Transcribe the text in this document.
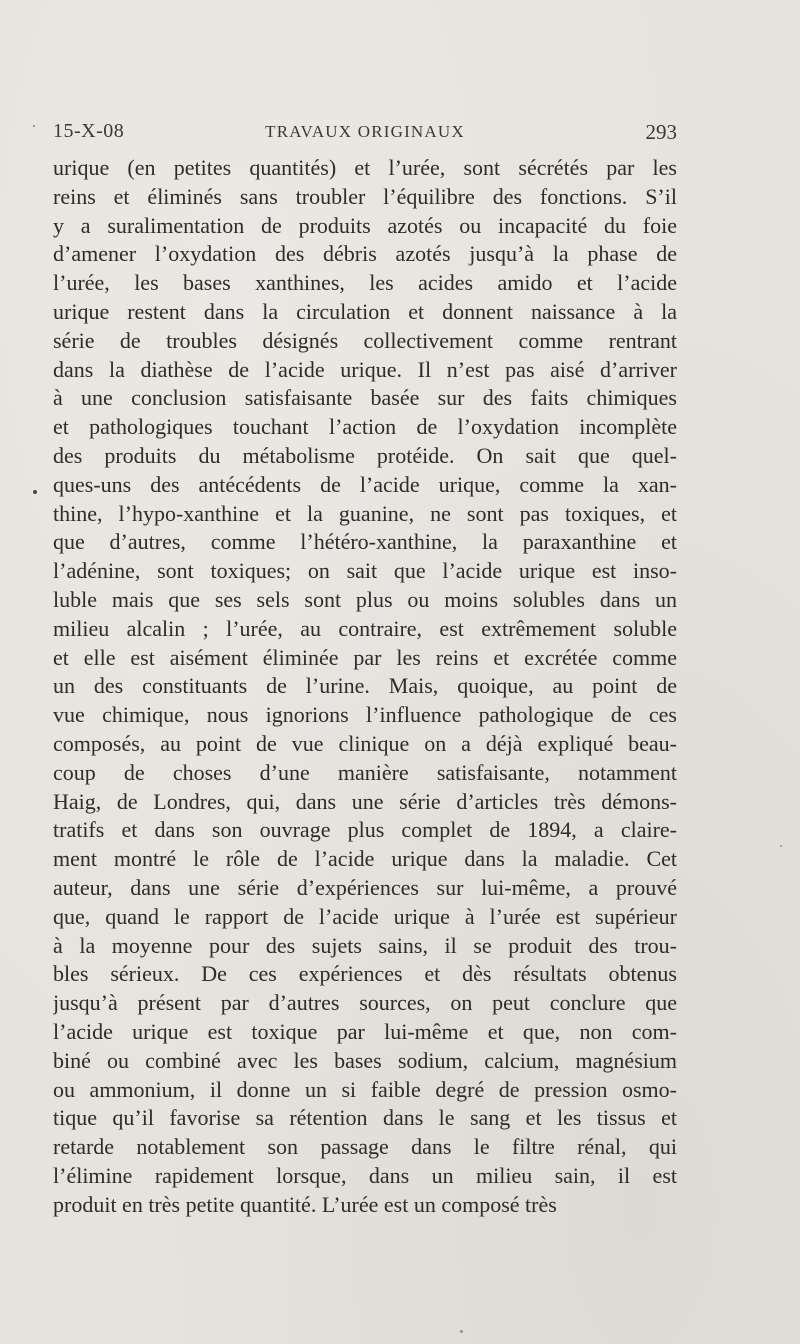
15-X-08	TRAVAUX ORIGINAUX	293
urique (en petites quantités) et l’urée, sont sécrétés par les
reins et éliminés sans troubler l’équilibre des fonctions. S’il
y a suralimentation de produits azotés ou incapacité du foie
d’amener l’oxydation des débris azotés jusqu’à la phase de
l’urée, les bases xanthines, les acides amido et l’acide
urique restent dans la circulation et donnent naissance à la
série de troubles désignés collectivement comme rentrant
dans la diathèse de l’acide urique. Il n’est pas aisé d’arriver
à une conclusion satisfaisante basée sur des faits chimiques
et pathologiques touchant l’action de l’oxydation incomplète
des produits du métabolisme protéide. On sait que quel-
ques-uns des antécédents de l’acide urique, comme la xan-
thine, l’hypo-xanthine et la guanine, ne sont pas toxiques, et
que d’autres, comme l’hétéro-xanthine, la paraxanthine et
l’adénine, sont toxiques; on sait que l’acide urique est inso-
luble mais que ses sels sont plus ou moins solubles dans un
milieu alcalin ; l’urée, au contraire, est extrêmement soluble
et elle est aisément éliminée par les reins et excrétée comme
un des constituants de l’urine. Mais, quoique, au point de
vue chimique, nous ignorions l’influence pathologique de ces
composés, au point de vue clinique on a déjà expliqué beau-
coup de choses d’une manière satisfaisante, notamment
Haig, de Londres, qui, dans une série d’articles très démons-
tratifs et dans son ouvrage plus complet de 1894, a claire-
ment montré le rôle de l’acide urique dans la maladie. Cet
auteur, dans une série d’expériences sur lui-même, a prouvé
que, quand le rapport de l’acide urique à l’urée est supérieur
à la moyenne pour des sujets sains, il se produit des trou-
bles sérieux. De ces expériences et dès résultats obtenus
jusqu’à présent par d’autres sources, on peut conclure que
l’acide urique est toxique par lui-même et que, non com-
biné ou combiné avec les bases sodium, calcium, magnésium
ou ammonium, il donne un si faible degré de pression osmo-
tique qu’il favorise sa rétention dans le sang et les tissus et
retarde notablement son passage dans le filtre rénal, qui
l’élimine rapidement lorsque, dans un milieu sain, il est
produit en très petite quantité. L’urée est un composé très
